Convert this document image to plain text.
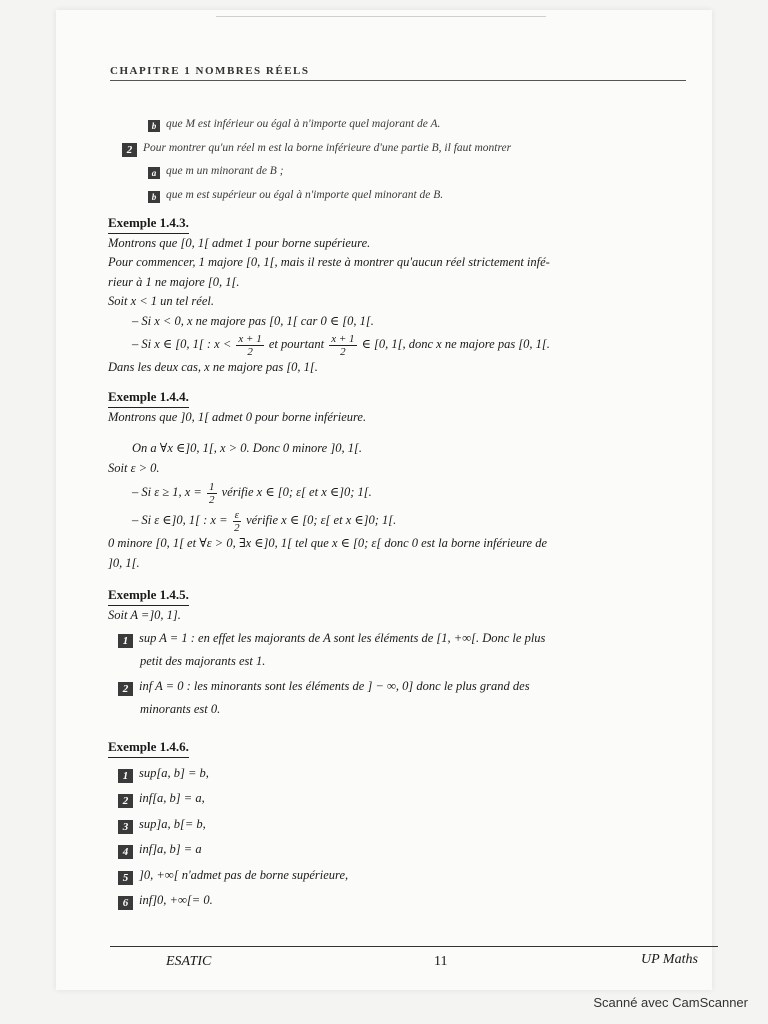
CHAPITRE 1 NOMBRES RÉELS
b que M est inférieur ou égal à n'importe quel majorant de A.
2 Pour montrer qu'un réel m est la borne inférieure d'une partie B, il faut montrer
a que m un minorant de B ;
b que m est supérieur ou égal à n'importe quel minorant de B.
Exemple 1.4.3.
Montrons que [0, 1[ admet 1 pour borne supérieure.
Pour commencer, 1 majore [0, 1[, mais il reste à montrer qu'aucun réel strictement infé-
rieur à 1 ne majore [0, 1[.
Soit x < 1 un tel réel.
– Si x < 0, x ne majore pas [0, 1[ car 0 ∈ [0, 1[.
– Si x ∈ [0, 1[ : $x < \frac{x + 1}{2}$ et pourtant $\frac{x + 1}{2}$ ∈ [0, 1[, donc x ne majore pas [0, 1[.
Dans les deux cas, x ne majore pas [0, 1[.
Exemple 1.4.4.
Montrons que ]0, 1[ admet 0 pour borne inférieure.
On a ∀x ∈]0, 1[, x > 0. Donc 0 minore ]0, 1[.
Soit ε > 0.
– Si ε ≥ 1, $x = \frac{1}{2}$ vérifie x ∈ [0; ε[ et x ∈]0; 1[.
– Si ε ∈]0, 1[ : $x = \frac{\varepsilon}{2}$ vérifie x ∈ [0; ε[ et x ∈]0; 1[.
0 minore [0, 1[ et ∀ε > 0, ∃x ∈]0, 1[ tel que x ∈ [0; ε[ donc 0 est la borne inférieure de
]0, 1[.
Exemple 1.4.5.
Soit A =]0, 1].
1 sup A = 1 : en effet les majorants de A sont les éléments de [1, +∞[. Donc le plus
petit des majorants est 1.
2 inf A = 0 : les minorants sont les éléments de ] − ∞, 0] donc le plus grand des
minorants est 0.
Exemple 1.4.6.
1 sup[a, b] = b,
2 inf[a, b] = a,
3 sup]a, b[= b,
4 inf]a, b] = a
5 ]0, +∞[ n'admet pas de borne supérieure,
6 inf]0, +∞[= 0.
ESATIC	11	UP Maths
Scanné avec CamScanner
